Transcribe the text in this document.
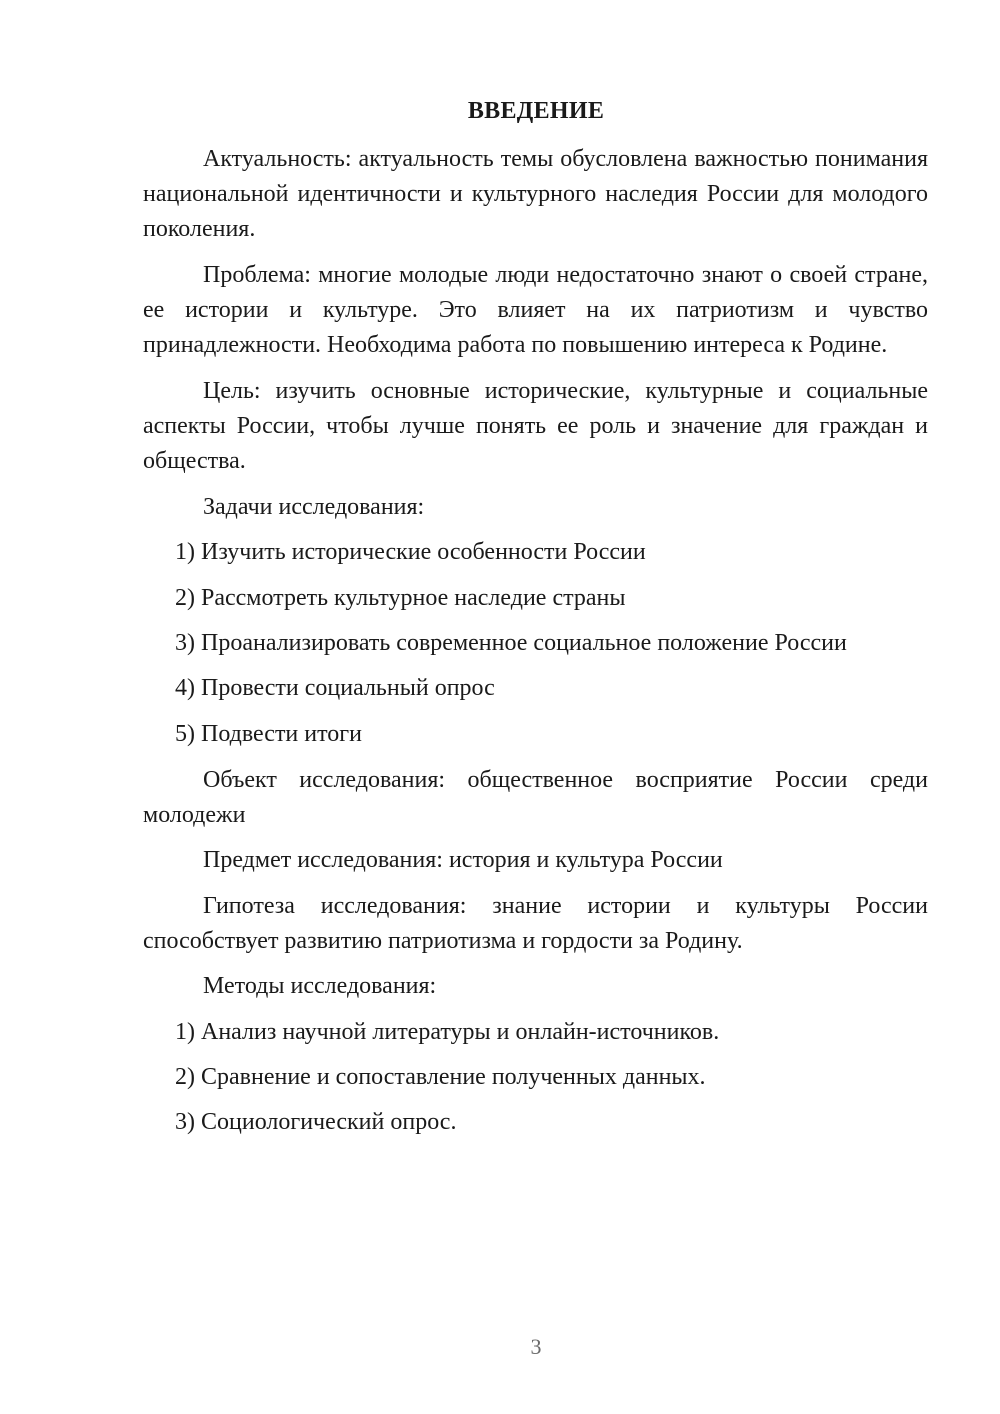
ВВЕДЕНИЕ

Актуальность: актуальность темы обусловлена важностью понимания национальной идентичности и культурного наследия России для молодого поколения.

Проблема: многие молодые люди недостаточно знают о своей стране, ее истории и культуре. Это влияет на их патриотизм и чувство принадлежности. Необходима работа по повышению интереса к Родине.

Цель: изучить основные исторические, культурные и социальные аспекты России, чтобы лучше понять ее роль и значение для граждан и общества.

Задачи исследования:

1) Изучить исторические особенности России
2) Рассмотреть культурное наследие страны
3) Проанализировать современное социальное положение России
4) Провести социальный опрос
5) Подвести итоги

Объект исследования: общественное восприятие России среди молодежи

Предмет исследования: история и культура России

Гипотеза исследования: знание истории и культуры России способствует развитию патриотизма и гордости за Родину.

Методы исследования:

1) Анализ научной литературы и онлайн-источников.
2) Сравнение и сопоставление полученных данных.
3) Социологический опрос.
3
